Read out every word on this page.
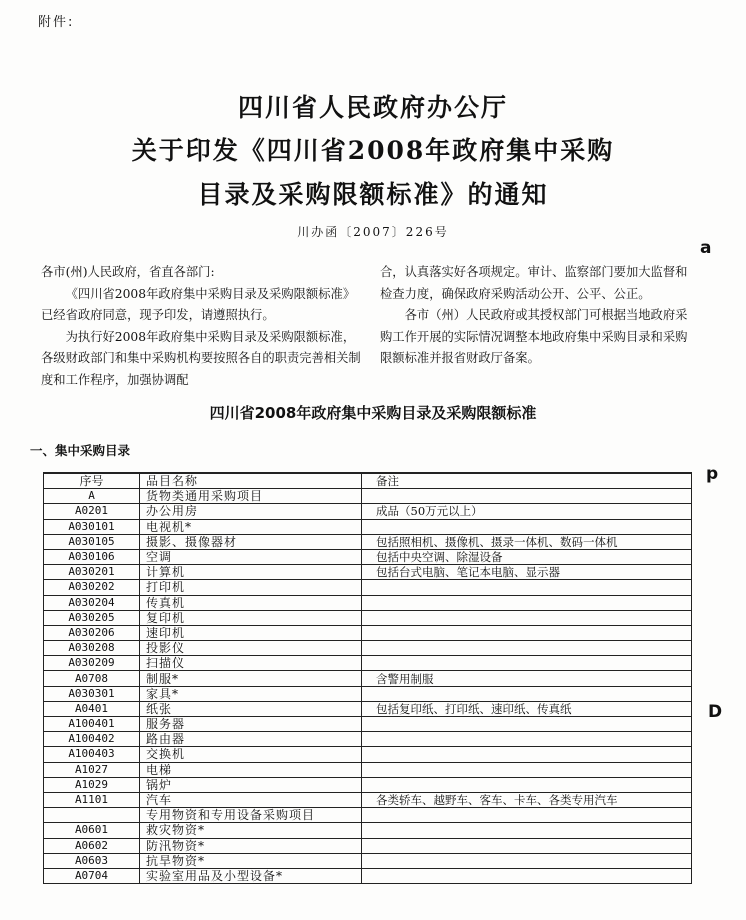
附件:
四川省人民政府办公厅
关于印发《四川省2008年政府集中采购
目录及采购限额标准》的通知
川办函〔2007〕226号

各市(州)人民政府，省直各部门:

《四川省2008年政府集中采购目录及采购限额标准》已经省政府同意，现予印发，请遵照执行。

为执行好2008年政府集中采购目录及采购限额标准，各级财政部门和集中采购机构要按照各自的职责完善相关制度和工作程序，加强协调配

合，认真落实好各项规定。审计、监察部门要加大监督和检查力度，确保政府采购活动公开、公平、公正。

各市（州）人民政府或其授权部门可根据当地政府采购工作开展的实际情况调整本地政府集中采购目录和采购限额标准并报省财政厅备案。

a
p
D
四川省2008年政府集中采购目录及采购限额标准
一、集中采购目录
序号	品目名称	备注
A	货物类通用采购项目	
A0201	办公用房	成品（50万元以上）
A030101	电视机*	
A030105	摄影、摄像器材	包括照相机、摄像机、摄录一体机、数码一体机
A030106	空调	包括中央空调、除湿设备
A030201	计算机	包括台式电脑、笔记本电脑、显示器
A030202	打印机	
A030204	传真机	
A030205	复印机	
A030206	速印机	
A030208	投影仪	
A030209	扫描仪	
A0708	制服*	含警用制服
A030301	家具*	
A0401	纸张	包括复印纸、打印纸、速印纸、传真纸
A100401	服务器	
A100402	路由器	
A100403	交换机	
A1027	电梯	
A1029	锅炉	
A1101	汽车	各类轿车、越野车、客车、卡车、各类专用汽车
	专用物资和专用设备采购项目	
A0601	救灾物资*	
A0602	防汛物资*	
A0603	抗旱物资*	
A0704	实验室用品及小型设备*	
